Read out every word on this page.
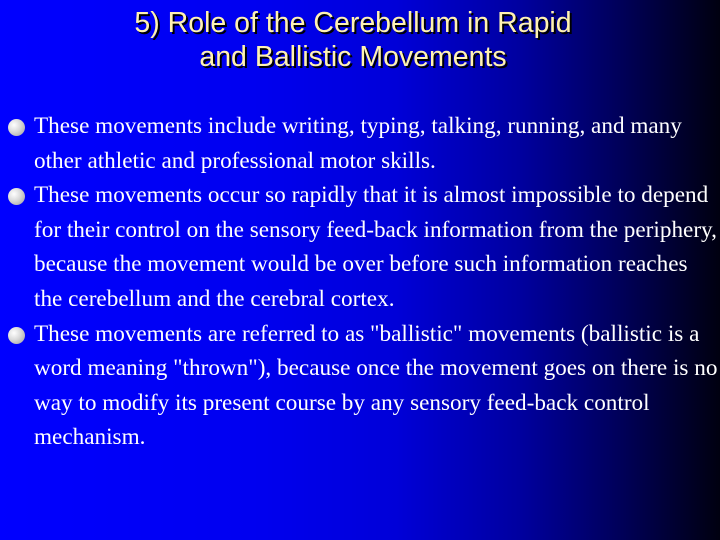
5) Role of the Cerebellum in Rapid
and Ballistic Movements
These movements include writing, typing, talking, running, and many other athletic and professional motor skills.
These movements occur so rapidly that it is almost impossible to depend for their control on the sensory feed-back information from the periphery, because the movement would be over before such information reaches the cerebellum and the cerebral cortex.
These movements are referred to as "ballistic" movements (ballistic is a word meaning "thrown"), because once the movement goes on there is no way to modify its present course by any sensory feed-back control mechanism.
